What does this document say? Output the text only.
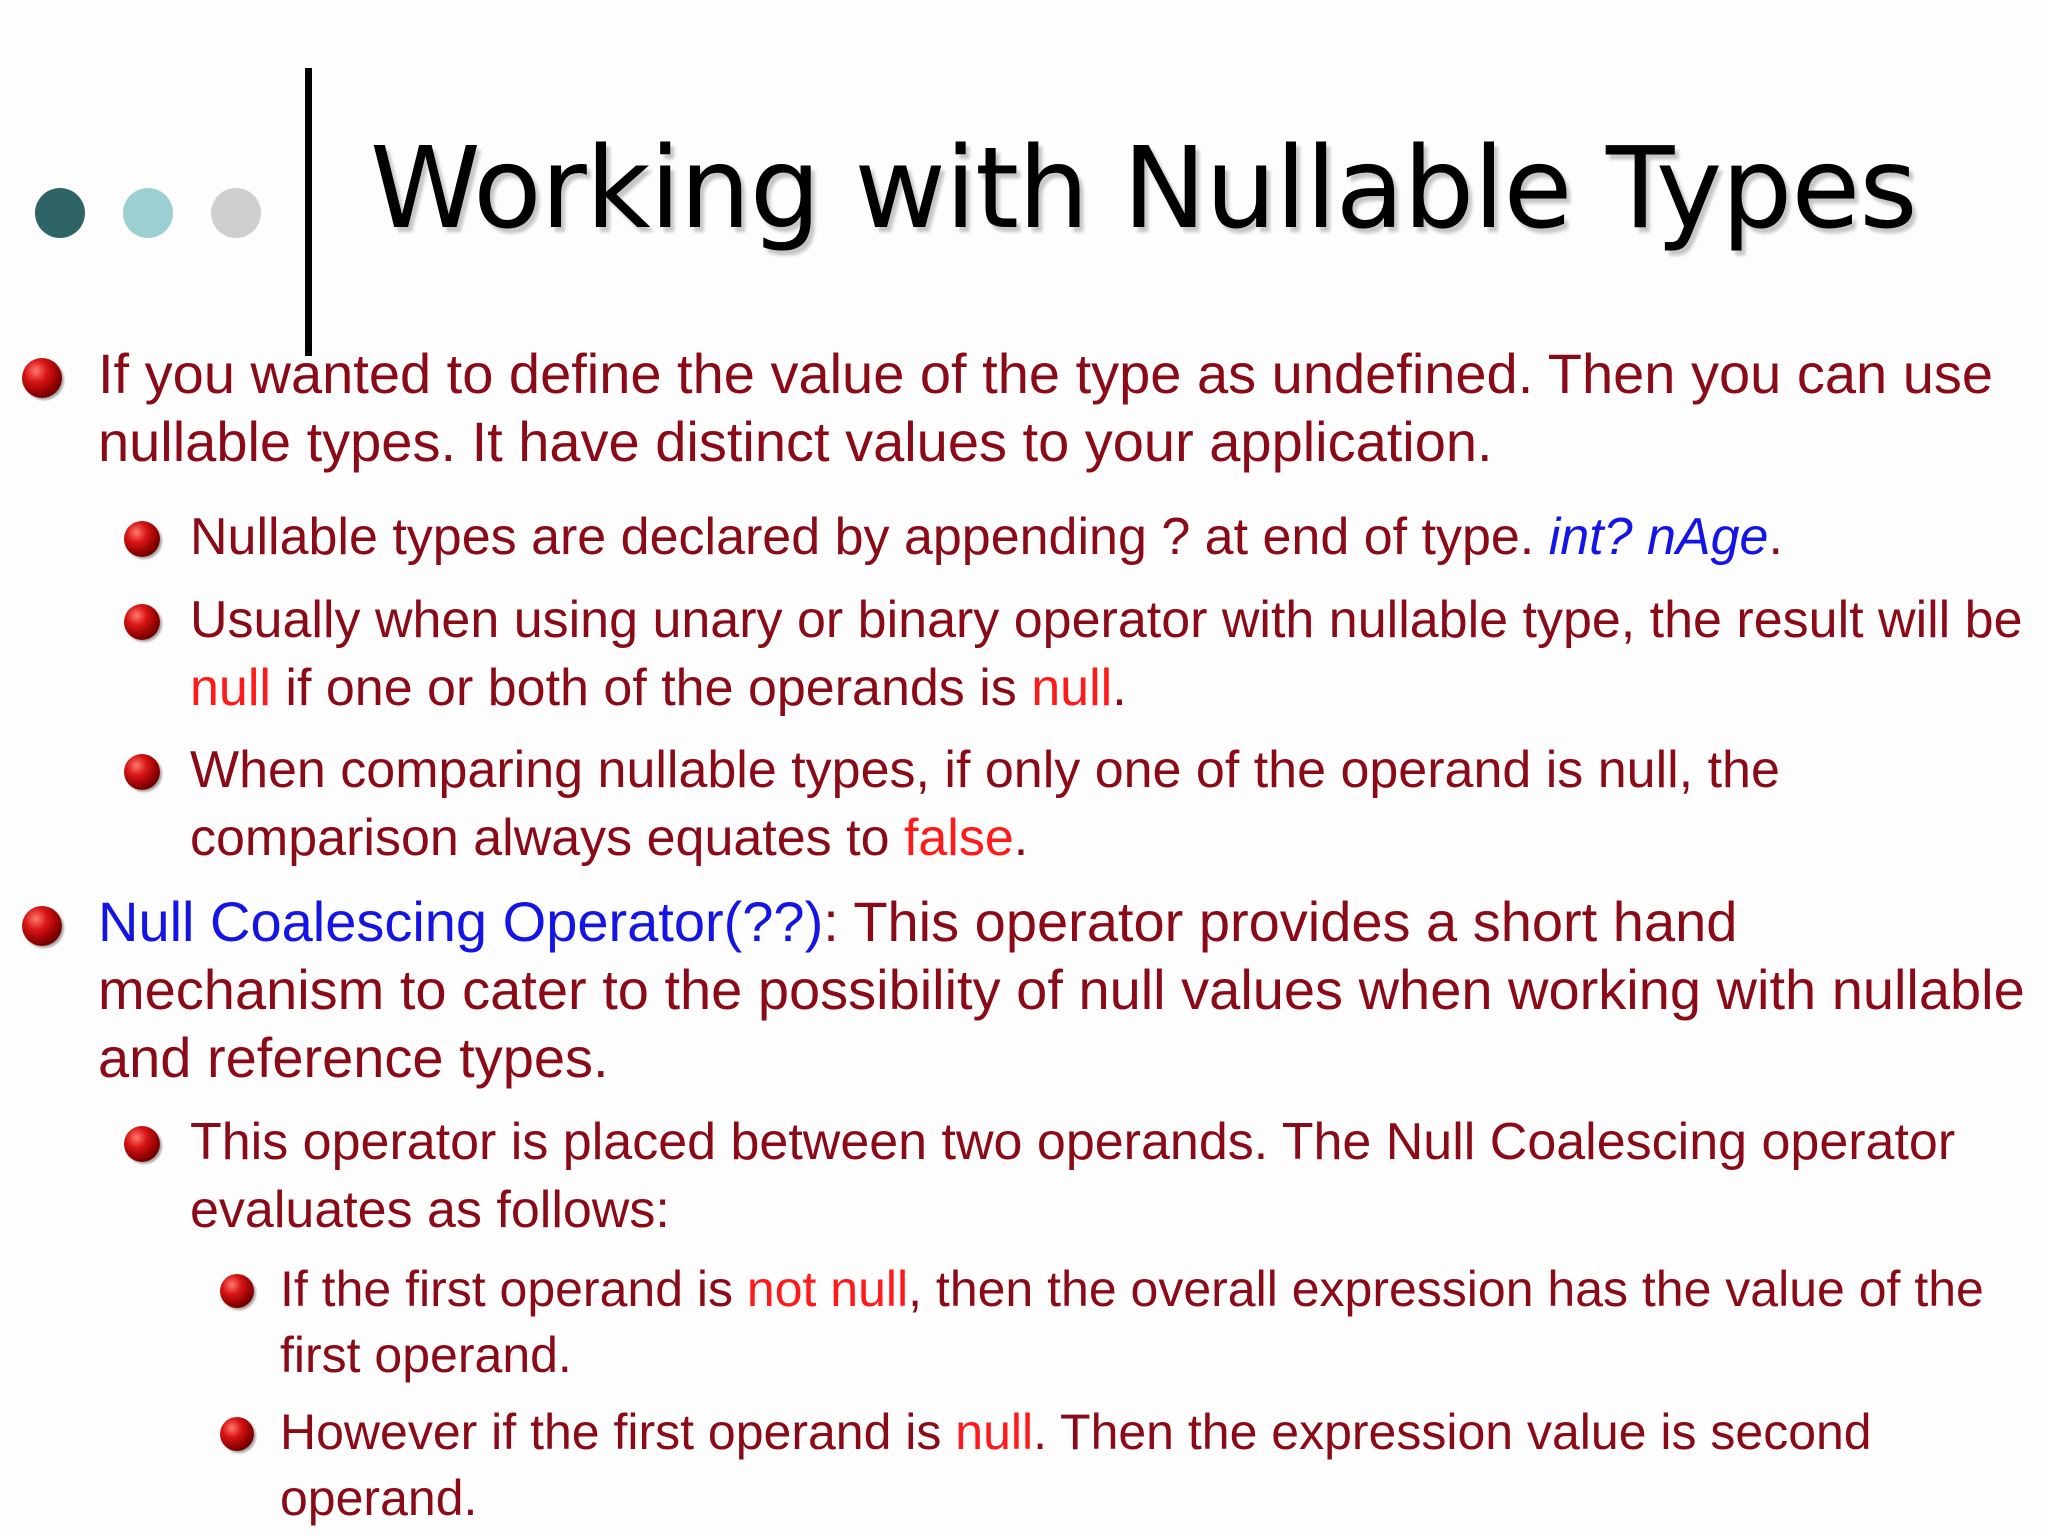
Working with Nullable Types
If you wanted to define the value of the type as undefined. Then you can use nullable types. It have distinct values to your application.
Nullable types are declared by appending ? at end of type. int? nAge.
Usually when using unary or binary operator with nullable type, the result will be null if one or both of the operands is null.
When comparing nullable types, if only one of the operand is null, the comparison always equates to false.
Null Coalescing Operator(??): This operator provides a short hand mechanism to cater to the possibility of null values when working with nullable and reference types.
This operator is placed between two operands. The Null Coalescing operator evaluates as follows:
If the first operand is not null, then the overall expression has the value of the first operand.
However if the first operand is null. Then the expression value is second operand.
